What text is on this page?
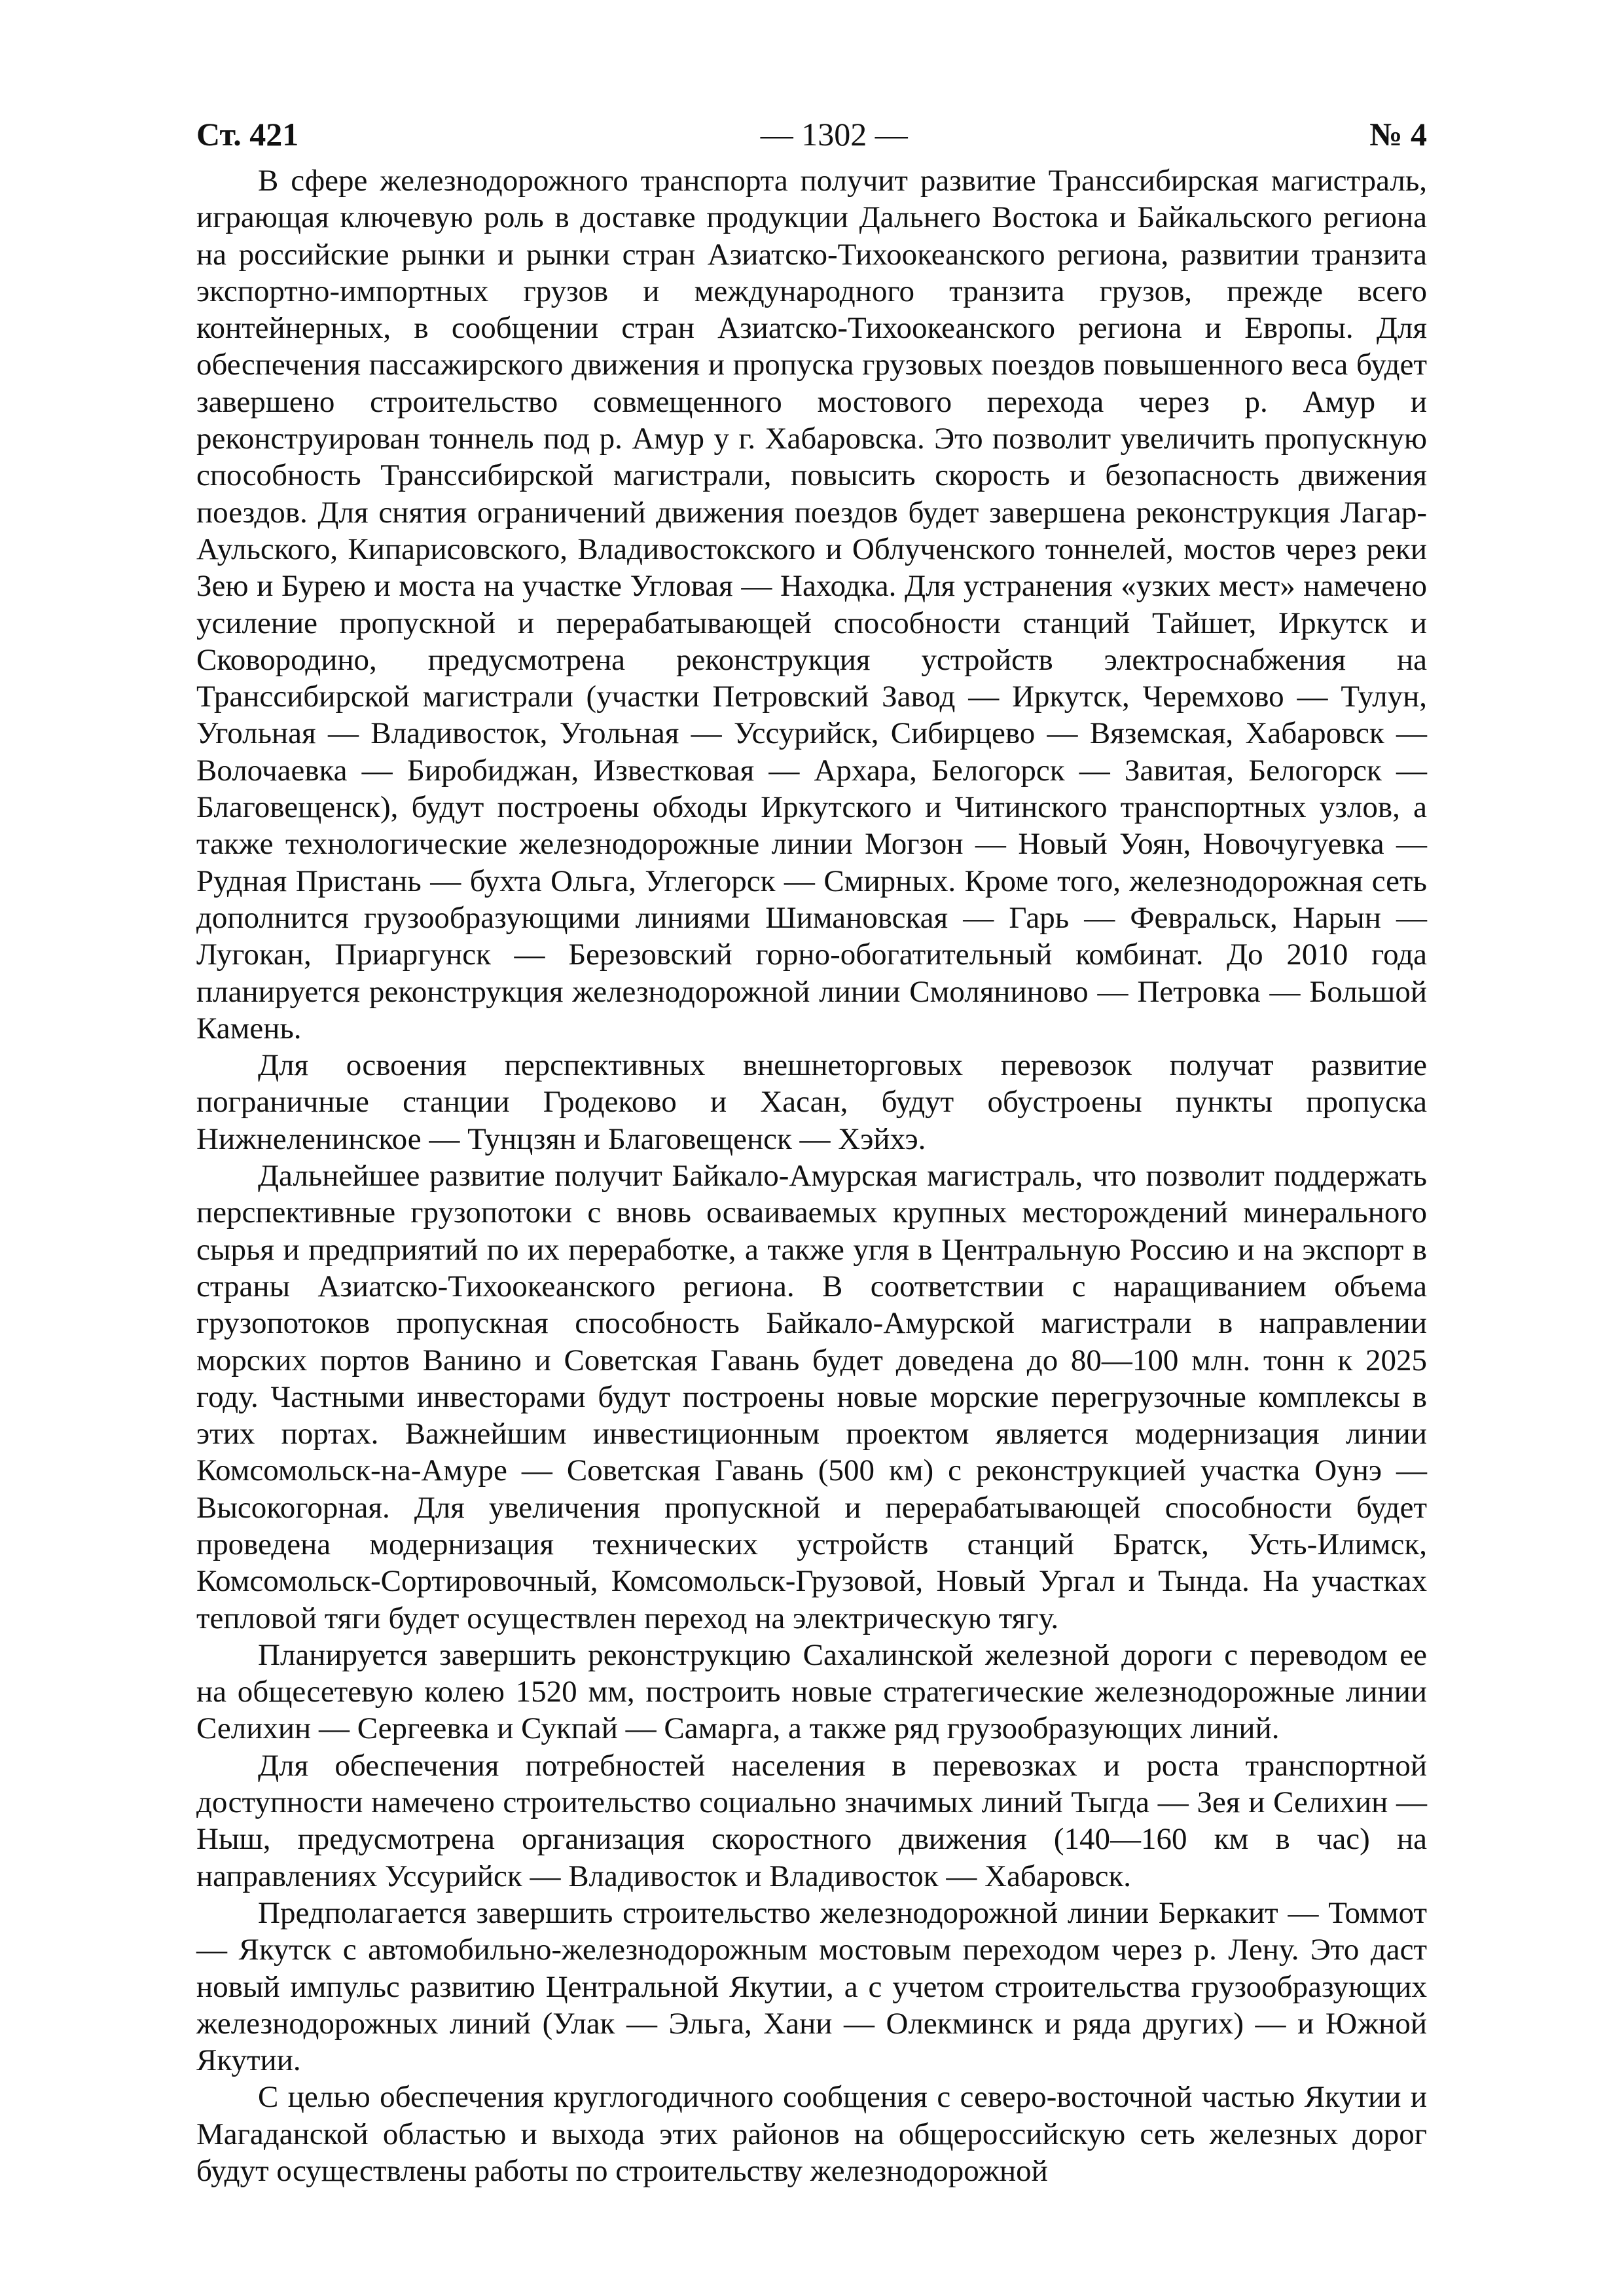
Ст. 421	— 1302 —	№ 4

В сфере железнодорожного транспорта получит развитие Транссибирская магистраль, играющая ключевую роль в доставке продукции Дальнего Востока и Байкальского региона на российские рынки и рынки стран Азиатско-Тихоокеанского региона, развитии транзита экспортно-импортных грузов и международного транзита грузов, прежде всего контейнерных, в сообщении стран Азиатско-Тихоокеанского региона и Европы. Для обеспечения пассажирского движения и пропуска грузовых поездов повышенного веса будет завершено строительство совмещенного мостового перехода через р. Амур и реконструирован тоннель под р. Амур у г. Хабаровска. Это позволит увеличить пропускную способность Транссибирской магистрали, повысить скорость и безопасность движения поездов. Для снятия ограничений движения поездов будет завершена реконструкция Лагар-Аульского, Кипарисовского, Владивостокского и Облученского тоннелей, мостов через реки Зею и Бурею и моста на участке Угловая — Находка. Для устранения «узких мест» намечено усиление пропускной и перерабатывающей способности станций Тайшет, Иркутск и Сковородино, предусмотрена реконструкция устройств электроснабжения на Транссибирской магистрали (участки Петровский Завод — Иркутск, Черемхово — Тулун, Угольная — Владивосток, Угольная — Уссурийск, Сибирцево — Вяземская, Хабаровск — Волочаевка — Биробиджан, Известковая — Архара, Белогорск — Завитая, Белогорск — Благовещенск), будут построены обходы Иркутского и Читинского транспортных узлов, а также технологические железнодорожные линии Могзон — Новый Уоян, Новочугуевка — Рудная Пристань — бухта Ольга, Углегорск — Смирных. Кроме того, железнодорожная сеть дополнится грузообразующими линиями Шимановская — Гарь — Февральск, Нарын — Лугокан, Приаргунск — Березовский горно-обогатительный комбинат. До 2010 года планируется реконструкция железнодорожной линии Смоляниново — Петровка — Большой Камень.

Для освоения перспективных внешнеторговых перевозок получат развитие пограничные станции Гродеково и Хасан, будут обустроены пункты пропуска Нижнеленинское — Тунцзян и Благовещенск — Хэйхэ.

Дальнейшее развитие получит Байкало-Амурская магистраль, что позволит поддержать перспективные грузопотоки с вновь осваиваемых крупных месторождений минерального сырья и предприятий по их переработке, а также угля в Центральную Россию и на экспорт в страны Азиатско-Тихоокеанского региона. В соответствии с наращиванием объема грузопотоков пропускная способность Байкало-Амурской магистрали в направлении морских портов Ванино и Советская Гавань будет доведена до 80—100 млн. тонн к 2025 году. Частными инвесторами будут построены новые морские перегрузочные комплексы в этих портах. Важнейшим инвестиционным проектом является модернизация линии Комсомольск-на-Амуре — Советская Гавань (500 км) с реконструкцией участка Оунэ — Высокогорная. Для увеличения пропускной и перерабатывающей способности будет проведена модернизация технических устройств станций Братск, Усть-Илимск, Комсомольск-Сортировочный, Комсомольск-Грузовой, Новый Ургал и Тында. На участках тепловой тяги будет осуществлен переход на электрическую тягу.

Планируется завершить реконструкцию Сахалинской железной дороги с переводом ее на общесетевую колею 1520 мм, построить новые стратегические железнодорожные линии Селихин — Сергеевка и Сукпай — Самарга, а также ряд грузообразующих линий.

Для обеспечения потребностей населения в перевозках и роста транспортной доступности намечено строительство социально значимых линий Тыгда — Зея и Селихин — Ныш, предусмотрена организация скоростного движения (140—160 км в час) на направлениях Уссурийск — Владивосток и Владивосток — Хабаровск.

Предполагается завершить строительство железнодорожной линии Беркакит — Томмот — Якутск с автомобильно-железнодорожным мостовым переходом через р. Лену. Это даст новый импульс развитию Центральной Якутии, а с учетом строительства грузообразующих железнодорожных линий (Улак — Эльга, Хани — Олекминск и ряда других) — и Южной Якутии.

С целью обеспечения круглогодичного сообщения с северо-восточной частью Якутии и Магаданской областью и выхода этих районов на общероссийскую сеть железных дорог будут осуществлены работы по строительству железнодорожной
